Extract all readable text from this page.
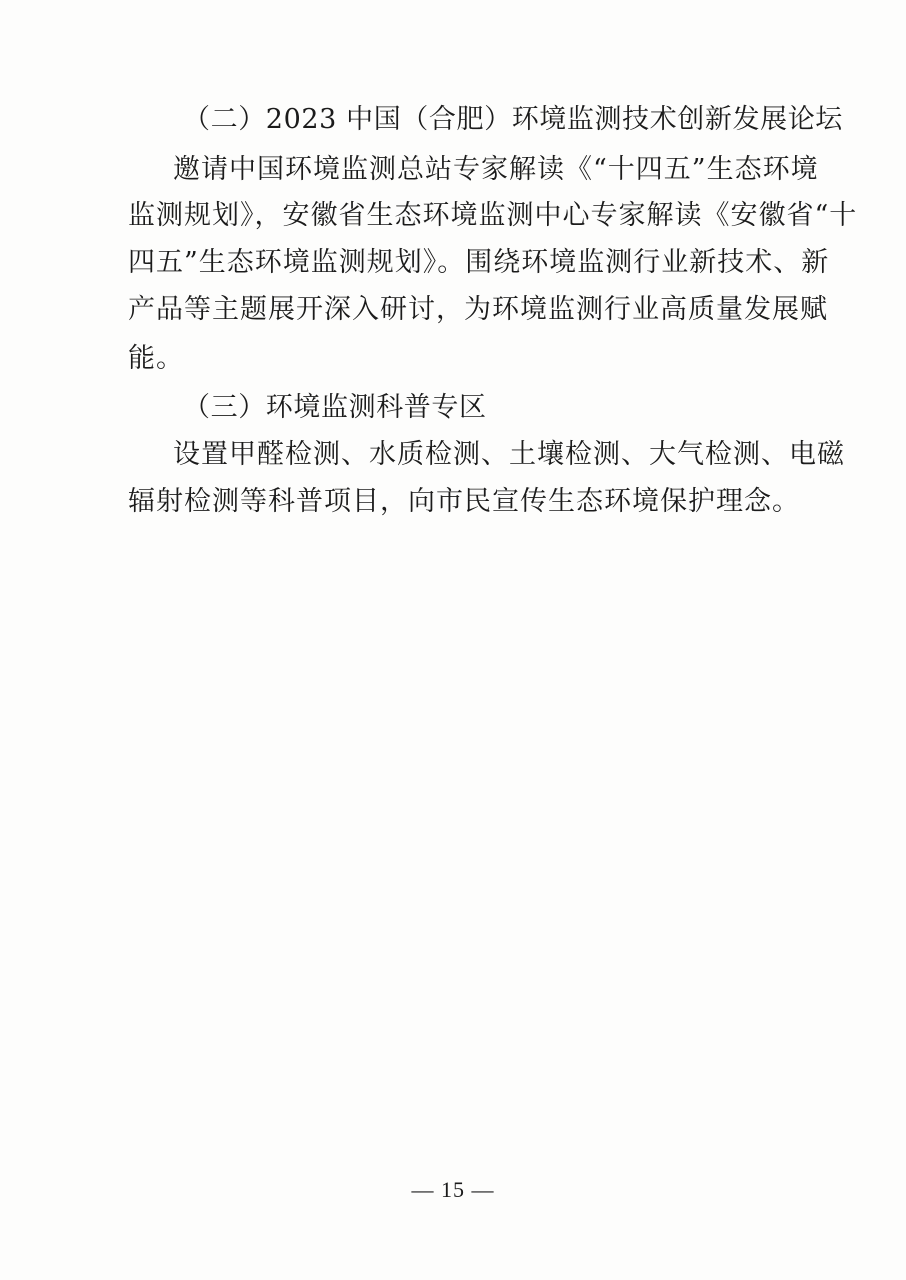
（二）2023 中国（合肥）环境监测技术创新发展论坛
邀请中国环境监测总站专家解读《“十四五”生态环境
监测规划》，安徽省生态环境监测中心专家解读《安徽省“十
四五”生态环境监测规划》。围绕环境监测行业新技术、新
产品等主题展开深入研讨，为环境监测行业高质量发展赋
能。
（三）环境监测科普专区
设置甲醛检测、水质检测、土壤检测、大气检测、电磁
辐射检测等科普项目，向市民宣传生态环境保护理念。
— 15 —
